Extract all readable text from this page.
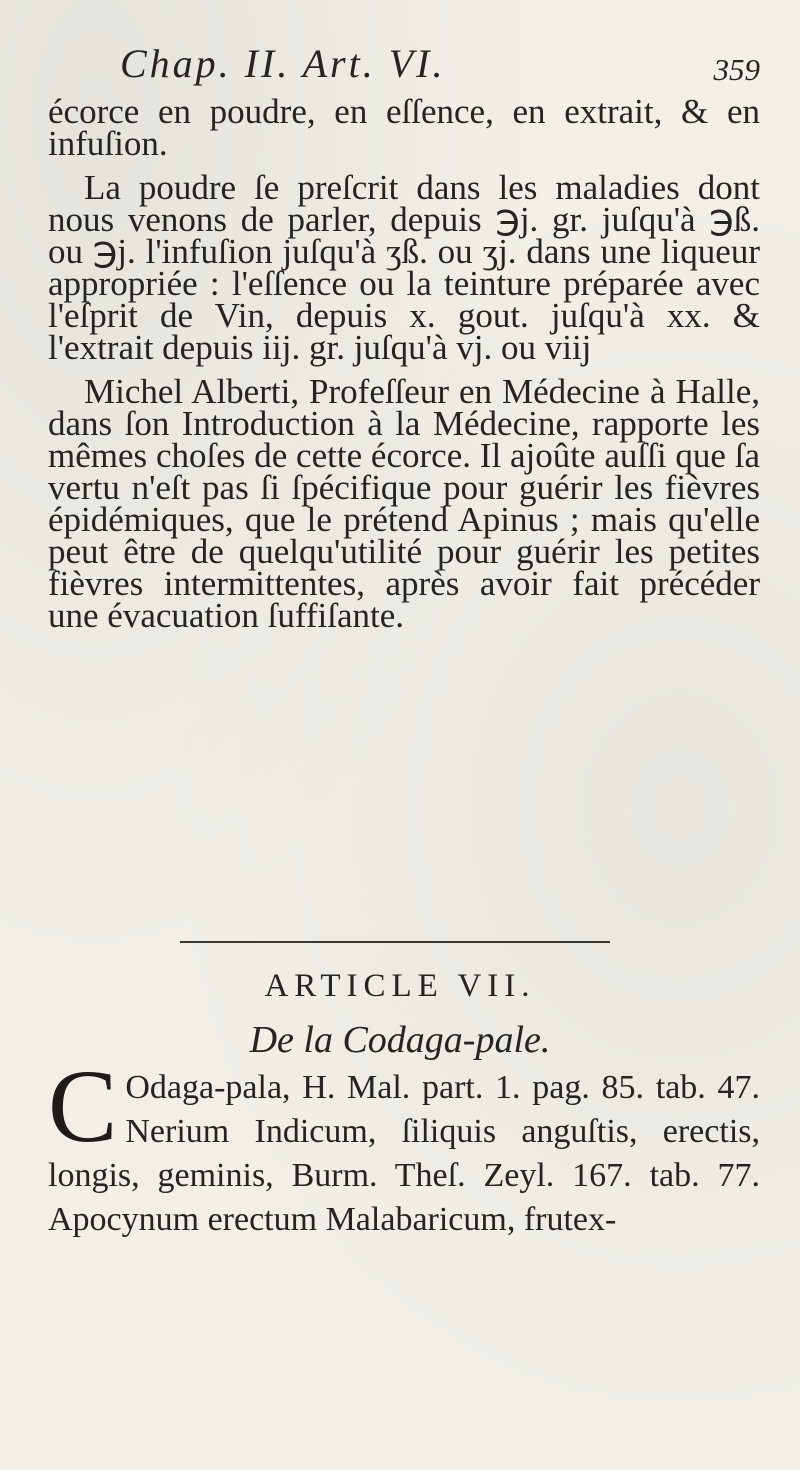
Chap. II. Art. VI.	359

écorce en poudre, en eſſence, en extrait, & en infuſion.

La poudre ſe preſcrit dans les maladies dont nous venons de parler, depuis ℈j. gr. juſqu'à ℈ß. ou ℈j. l'infuſion juſqu'à ʒß. ou ʒj. dans une liqueur appropriée : l'eſſence ou la teinture préparée avec l'eſprit de Vin, depuis x. gout. juſqu'à xx. & l'extrait depuis iij. gr. juſqu'à vj. ou viij

Michel Alberti, Profeſſeur en Médecine à Halle, dans ſon Introduction à la Médecine, rapporte les mêmes choſes de cette écorce. Il ajoûte auſſi que ſa vertu n'eſt pas ſi ſpécifique pour guérir les fièvres épidémiques, que le prétend Apinus ; mais qu'elle peut être de quelqu'utilité pour guérir les petites fièvres intermittentes, après avoir fait précéder une évacuation ſuffiſante.

ARTICLE VII.
De la Codaga-pale.
C Odaga-pala, H. Mal. part. 1. pag. 85. tab. 47. Nerium Indicum, ſiliquis anguſtis, erectis, longis, geminis, Burm. Theſ. Zeyl. 167. tab. 77. Apocynum erectum Malabaricum, frutex-
